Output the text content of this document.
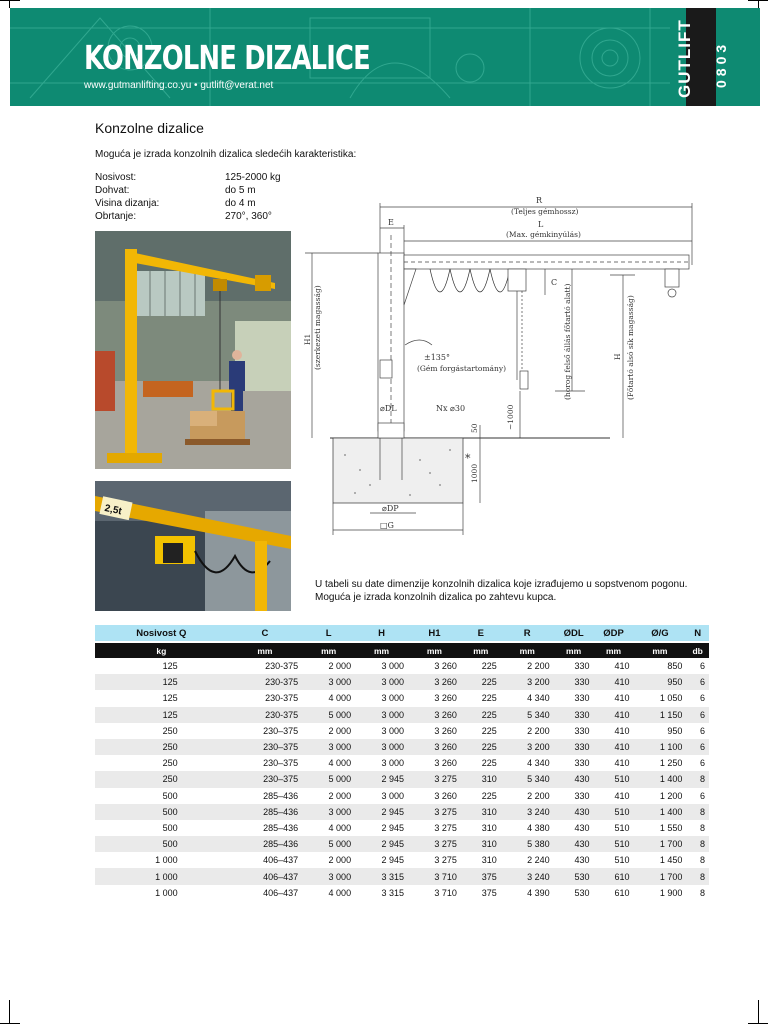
KONZOLNE DIZALICE
www.gutmanlifting.co.yu • gutlift@verat.net	GUTLIFT 0803
Konzolne dizalice
Moguća je izrada konzolnih dizalica sledećih karakteristika:
Nosivost:	125-2000 kg
Dohvat:	do 5 m
Visina dizanja:	do 4 m
Obrtanje:	270°, 360°
2,5t
R
(Teljes gémhossz)
L
(Max. gémkinyúlás)
E
C
±135°
(Gém forgástartomány)
⌀DL	Nx ⌀30
⌀DP
□G
*
H1 (szerkezeti magasság)	H (Főtartó alsó sík magasság)
(horog felső állás főtartó alatt)
50	~1000
1000
U tabeli su date dimenzije konzolnih dizalica koje izrađujemo u sopstvenom pogonu.
Moguća je izrada konzolnih dizalica po zahtevu kupca.
Nosivost Q	C	L	H	H1	E	R	ØDL	ØDP	Ø/G	N
kg	mm	mm	mm	mm	mm	mm	mm	mm	mm	db
125	230-375	2 000	3 000	3 260	225	2 200	330	410	850	6
125	230-375	3 000	3 000	3 260	225	3 200	330	410	950	6
125	230-375	4 000	3 000	3 260	225	4 340	330	410	1 050	6
125	230-375	5 000	3 000	3 260	225	5 340	330	410	1 150	6
250	230–375	2 000	3 000	3 260	225	2 200	330	410	950	6
250	230–375	3 000	3 000	3 260	225	3 200	330	410	1 100	6
250	230–375	4 000	3 000	3 260	225	4 340	330	410	1 250	6
250	230–375	5 000	2 945	3 275	310	5 340	430	510	1 400	8
500	285–436	2 000	3 000	3 260	225	2 200	330	410	1 200	6
500	285–436	3 000	2 945	3 275	310	3 240	430	510	1 400	8
500	285–436	4 000	2 945	3 275	310	4 380	430	510	1 550	8
500	285–436	5 000	2 945	3 275	310	5 380	430	510	1 700	8
1 000	406–437	2 000	2 945	3 275	310	2 240	430	510	1 450	8
1 000	406–437	3 000	3 315	3 710	375	3 240	530	610	1 700	8
1 000	406–437	4 000	3 315	3 710	375	4 390	530	610	1 900	8
